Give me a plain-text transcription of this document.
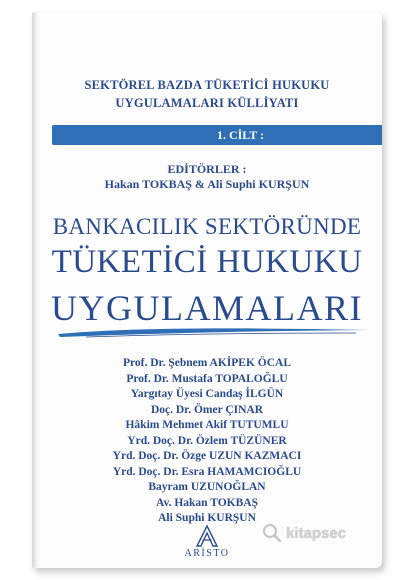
SEKTÖREL BAZDA TÜKETİCİ HUKUKU
UYGULAMALARI KÜLLİYATI
1. CİLT :
EDİTÖRLER :
Hakan TOKBAŞ & Ali Suphi KURŞUN
BANKACILIK SEKTÖRÜNDE
TÜKETİCİ HUKUKU
UYGULAMALARI
Prof. Dr. Şebnem AKİPEK ÖCAL
Prof. Dr. Mustafa TOPALOĞLU
Yargıtay Üyesi Candaş İLGÜN
Doç. Dr. Ömer ÇINAR
Hâkim Mehmet Akif TUTUMLU
Yrd. Doç. Dr. Özlem TÜZÜNER
Yrd. Doç. Dr. Özge UZUN KAZMACI
Yrd. Doç. Dr. Esra HAMAMCIOĞLU
Bayram UZUNOĞLAN
Av. Hakan TOKBAŞ
Ali Suphi KURŞUN
ARİSTO
kitapsec
